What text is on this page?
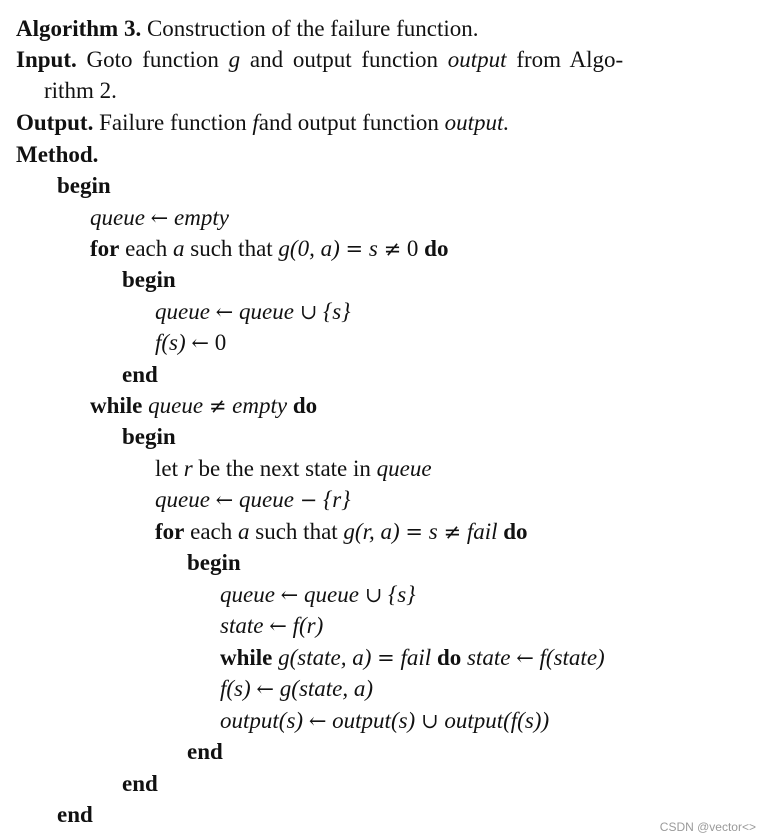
Algorithm 3. Construction of the failure function.
Input. Goto function g and output function output from Algo-
rithm 2.
Output. Failure function fand output function output.
Method.
begin
queue ← empty
for each a such that g(0, a) = s ≠ 0 do
begin
queue ← queue ∪ {s}
f(s) ← 0
end
while queue ≠ empty do
begin
let r be the next state in queue
queue ← queue − {r}
for each a such that g(r, a) = s ≠ fail do
begin
queue ← queue ∪ {s}
state ← f(r)
while g(state, a) = fail do state ← f(state)
f(s) ← g(state, a)
output(s) ← output(s) ∪ output(f(s))
end
end
end	CSDN @vector<>
